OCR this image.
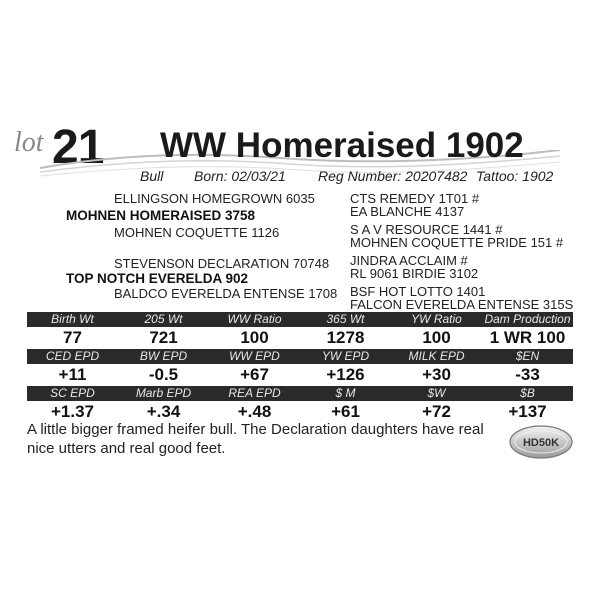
lot 21 WW Homeraised 1902
Bull Born: 02/03/21 Reg Number: 20207482 Tattoo: 1902
ELLINGSON HOMEGROWN 6035
MOHNEN HOMERAISED 3758
MOHNEN COQUETTE 1126
STEVENSON DECLARATION 70748
TOP NOTCH EVERELDA 902
BALDCO EVERELDA ENTENSE 1708
CTS REMEDY 1T01 #
EA BLANCHE 4137
S A V RESOURCE 1441 #
MOHNEN COQUETTE PRIDE 151 #
JINDRA ACCLAIM #
RL 9061 BIRDIE 3102
BSF HOT LOTTO 1401
FALCON EVERELDA ENTENSE 315S
Birth Wt	205 Wt	WW Ratio	365 Wt	YW Ratio	Dam Production
77	721	100	1278	100	1 WR 100
CED EPD	BW EPD	WW EPD	YW EPD	MILK EPD	$EN
+11	-0.5	+67	+126	+30	-33
SC EPD	Marb EPD	REA EPD	$ M	$W	$B
+1.37	+.34	+.48	+61	+72	+137
A little bigger framed heifer bull. The Declaration daughters have real nice utters and real good feet.	HD50K
